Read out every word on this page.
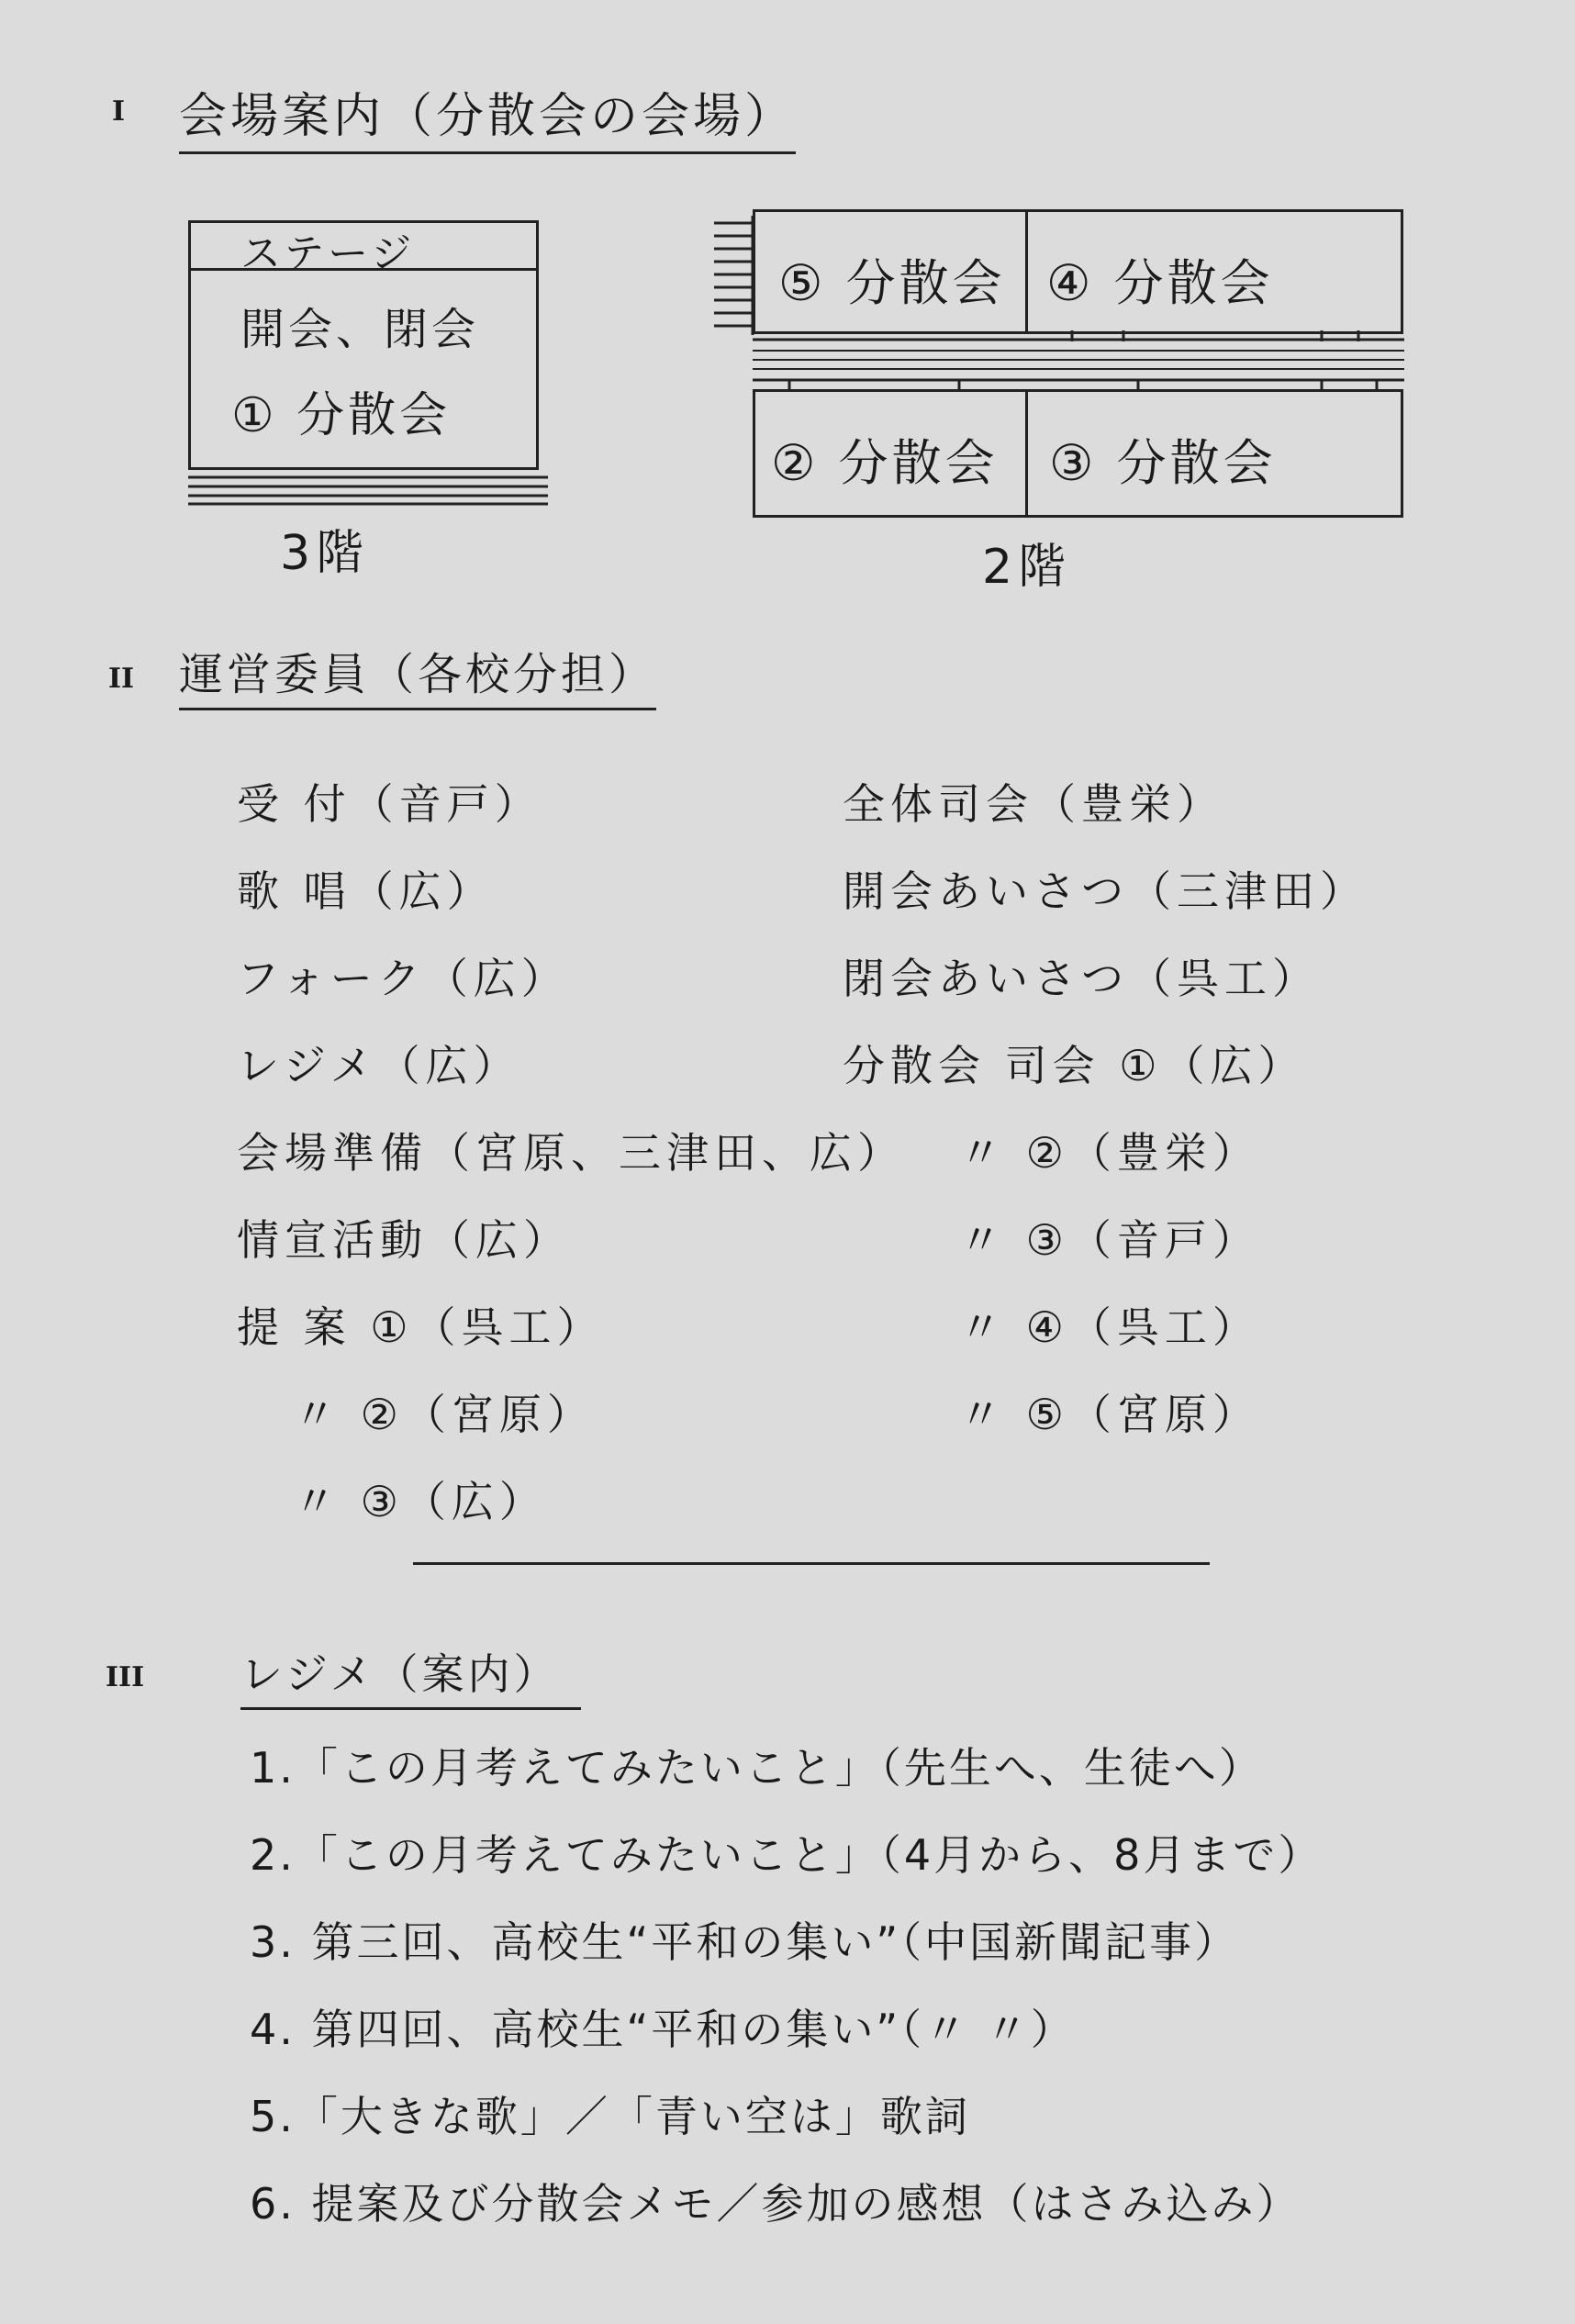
I 会場案内（分散会の会場）
ステージ
開会、閉会
① 分散会
3階
⑤ 分散会 ④ 分散会
② 分散会 ③ 分散会
2階
II 運営委員（各校分担）
受 付（音戸）
歌 唱（広）
フォーク（広）
レジメ（広）
会場準備（宮原、三津田、広）
情宣活動（広）
提 案 ①（呉工）
〃 ②（宮原）
〃 ③（広）
全体司会（豊栄）
開会あいさつ（三津田）
閉会あいさつ（呉工）
分散会 司会 ①（広）
〃 ②（豊栄）
〃 ③（音戸）
〃 ④（呉工）
〃 ⑤（宮原）
III レジメ（案内）
1.「この月考えてみたいこと」（先生へ、生徒へ）
2.「この月考えてみたいこと」（4月から、8月まで）
3. 第三回、高校生“平和の集い”（中国新聞記事）
4. 第四回、高校生“平和の集い”（〃 〃）
5.「大きな歌」／「青い空は」歌詞
6. 提案及び分散会メモ／参加の感想（はさみ込み）
